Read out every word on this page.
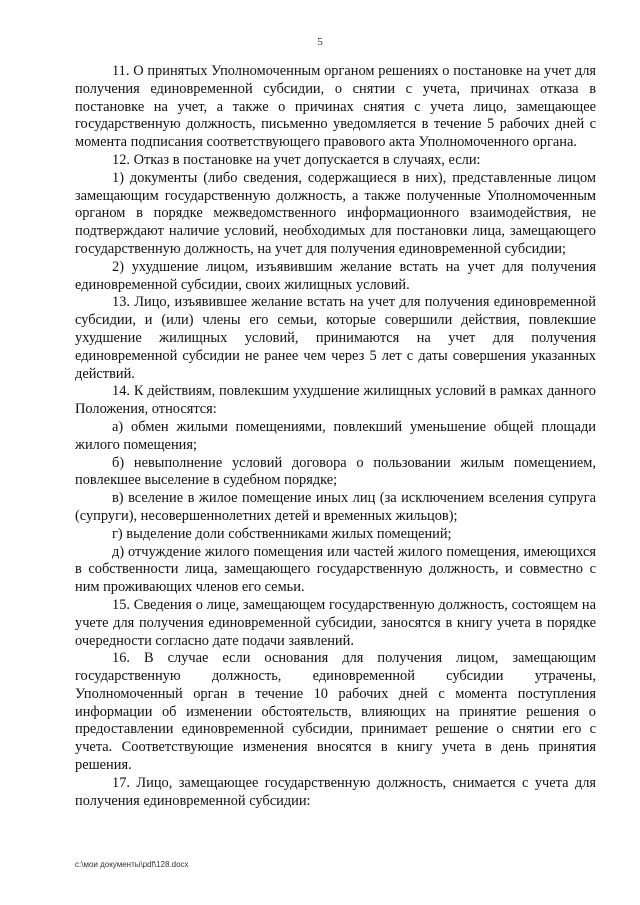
5

11. О принятых Уполномоченным органом решениях о постановке на учет для получения единовременной субсидии, о снятии с учета, причинах отказа в постановке на учет, а также о причинах снятия с учета лицо, замещающее государственную должность, письменно уведомляется в течение 5 рабочих дней с момента подписания соответствующего правового акта Уполномоченного органа.

12. Отказ в постановке на учет допускается в случаях, если:

1) документы (либо сведения, содержащиеся в них), представленные лицом замещающим государственную должность, а также полученные Уполномоченным органом в порядке межведомственного информационного взаимодействия, не подтверждают наличие условий, необходимых для постановки лица, замещающего государственную должность, на учет для получения единовременной субсидии;

2) ухудшение лицом, изъявившим желание встать на учет для получения единовременной субсидии, своих жилищных условий.

13. Лицо, изъявившее желание встать на учет для получения единовременной субсидии, и (или) члены его семьи, которые совершили действия, повлекшие ухудшение жилищных условий, принимаются на учет для получения единовременной субсидии не ранее чем через 5 лет с даты совершения указанных действий.

14. К действиям, повлекшим ухудшение жилищных условий в рамках данного Положения, относятся:

а) обмен жилыми помещениями, повлекший уменьшение общей площади жилого помещения;

б) невыполнение условий договора о пользовании жилым помещением, повлекшее выселение в судебном порядке;

в) вселение в жилое помещение иных лиц (за исключением вселения супруга (супруги), несовершеннолетних детей и временных жильцов);

г) выделение доли собственниками жилых помещений;

д) отчуждение жилого помещения или частей жилого помещения, имеющихся в собственности лица, замещающего государственную должность, и совместно с ним проживающих членов его семьи.

15. Сведения о лице, замещающем государственную должность, состоящем на учете для получения единовременной субсидии, заносятся в книгу учета в порядке очередности согласно дате подачи заявлений.

16. В случае если основания для получения лицом, замещающим государственную должность, единовременной субсидии утрачены, Уполномоченный орган в течение 10 рабочих дней с момента поступления информации об изменении обстоятельств, влияющих на принятие решения о предоставлении единовременной субсидии, принимает решение о снятии его с учета. Соответствующие изменения вносятся в книгу учета в день принятия решения.

17. Лицо, замещающее государственную должность, снимается с учета для получения единовременной субсидии:

c:\мои документы\pdf\128.docx
